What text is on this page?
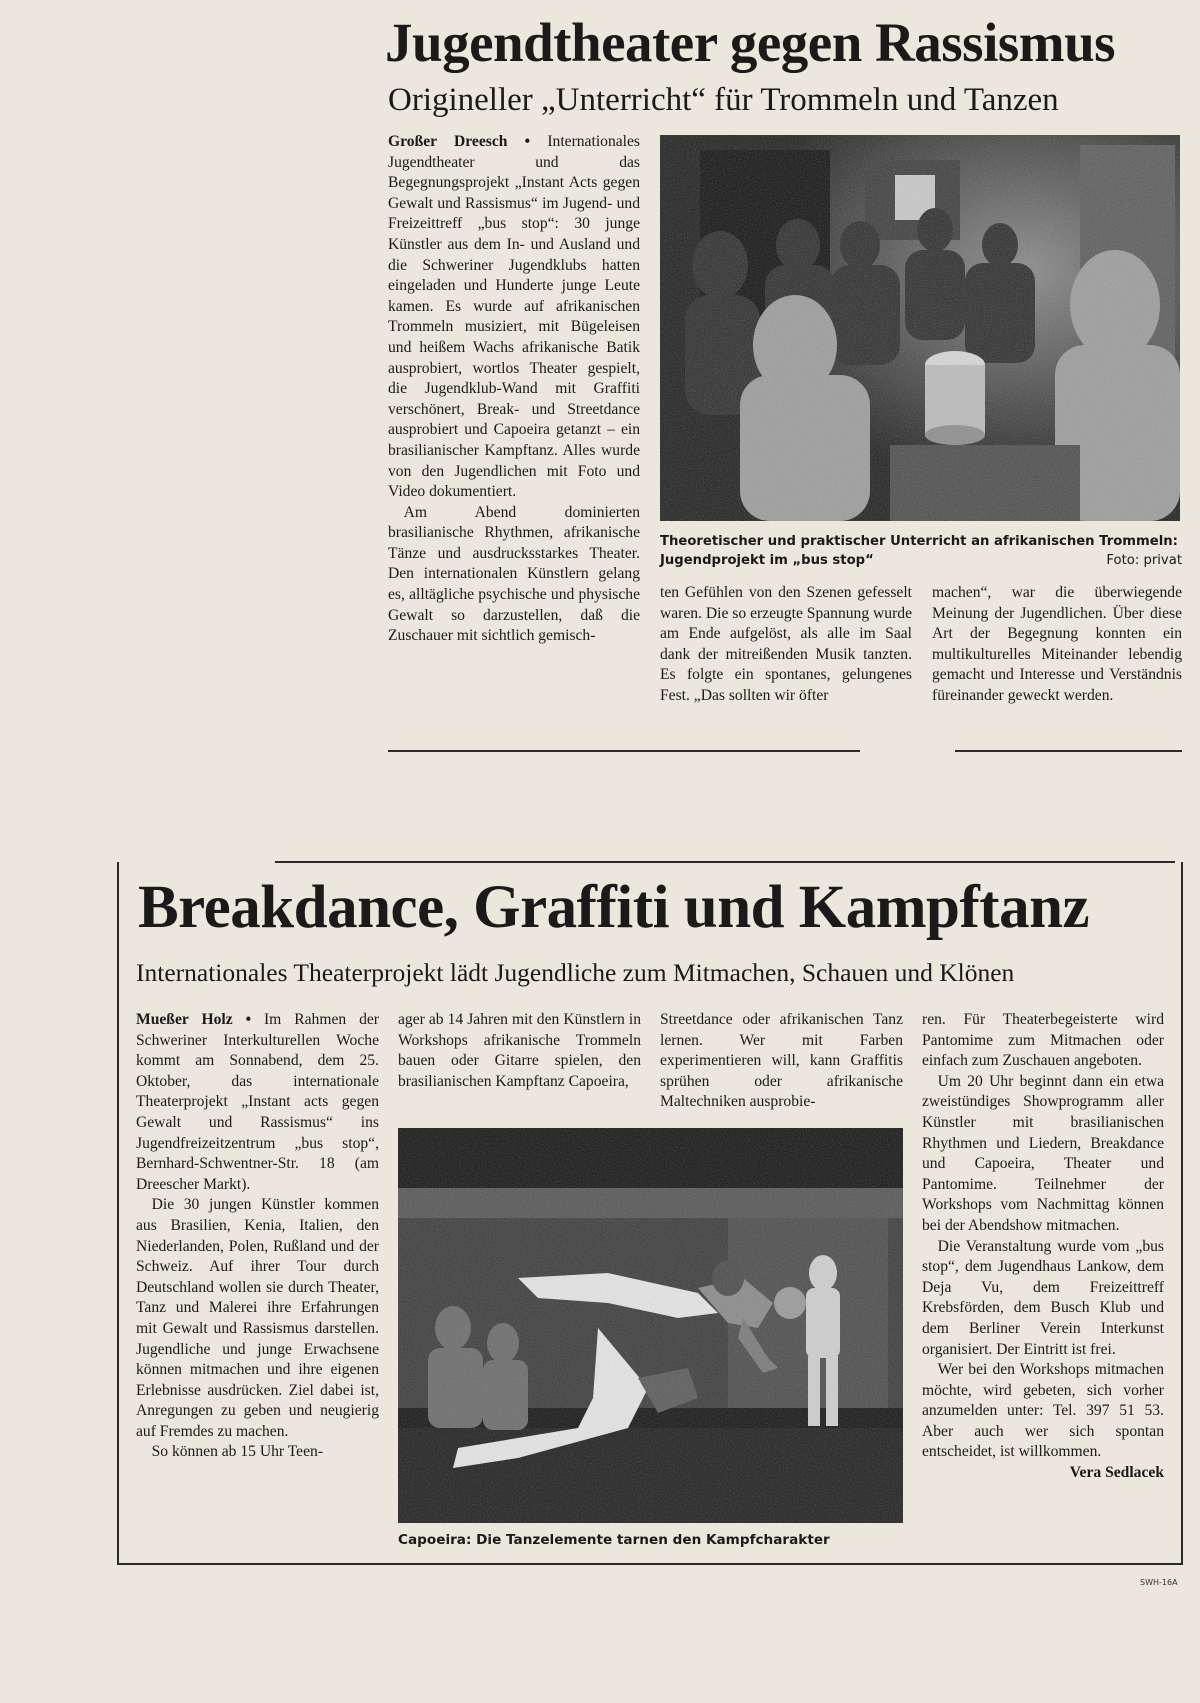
Jugendtheater gegen Rassismus
Origineller „Unterricht“ für Trommeln und Tanzen

Großer Dreesch • Internationales Jugendtheater und das Begegnungsprojekt „Instant Acts gegen Gewalt und Rassismus“ im Jugend- und Freizeittreff „bus stop“: 30 junge Künstler aus dem In- und Ausland und die Schweriner Jugendklubs hatten eingeladen und Hunderte junge Leute kamen. Es wurde auf afrikanischen Trommeln musiziert, mit Bügeleisen und heißem Wachs afrikanische Batik ausprobiert, wortlos Theater gespielt, die Jugendklub-Wand mit Graffiti verschönert, Break- und Streetdance ausprobiert und Capoeira getanzt – ein brasilianischer Kampftanz. Alles wurde von den Jugendlichen mit Foto und Video dokumentiert.

Am Abend dominierten brasilianische Rhythmen, afrikanische Tänze und ausdrucksstarkes Theater. Den internationalen Künstlern gelang es, alltägliche psychische und physische Gewalt so darzustellen, daß die Zuschauer mit sichtlich gemisch-

Theoretischer und praktischer Unterricht an afrikanischen Trommeln: Jugendprojekt im „bus stop“	Foto: privat

ten Gefühlen von den Szenen gefesselt waren. Die so erzeugte Spannung wurde am Ende aufgelöst, als alle im Saal dank der mitreißenden Musik tanzten. Es folgte ein spontanes, gelungenes Fest. „Das sollten wir öfter

machen“, war die überwiegende Meinung der Jugendlichen. Über diese Art der Begegnung konnten ein multikulturelles Miteinander lebendig gemacht und Interesse und Verständnis füreinander geweckt werden.

Breakdance, Graffiti und Kampftanz
Internationales Theaterprojekt lädt Jugendliche zum Mitmachen, Schauen und Klönen

Mueßer Holz • Im Rahmen der Schweriner Interkulturellen Woche kommt am Sonnabend, dem 25. Oktober, das internationale Theaterprojekt „Instant acts gegen Gewalt und Rassismus“ ins Jugendfreizeitzentrum „bus stop“, Bernhard-Schwentner-Str. 18 (am Dreescher Markt).

Die 30 jungen Künstler kommen aus Brasilien, Kenia, Italien, den Niederlanden, Polen, Rußland und der Schweiz. Auf ihrer Tour durch Deutschland wollen sie durch Theater, Tanz und Malerei ihre Erfahrungen mit Gewalt und Rassismus darstellen. Jugendliche und junge Erwachsene können mitmachen und ihre eigenen Erlebnisse ausdrücken. Ziel dabei ist, Anregungen zu geben und neugierig auf Fremdes zu machen.

So können ab 15 Uhr Teen-

ager ab 14 Jahren mit den Künstlern in Workshops afrikanische Trommeln bauen oder Gitarre spielen, den brasilianischen Kampftanz Capoeira,

Streetdance oder afrikanischen Tanz lernen. Wer mit Farben experimentieren will, kann Graffitis sprühen oder afrikanische Maltechniken ausprobie-

ren. Für Theaterbegeisterte wird Pantomime zum Mitmachen oder einfach zum Zuschauen angeboten.

Um 20 Uhr beginnt dann ein etwa zweistündiges Showprogramm aller Künstler mit brasilianischen Rhythmen und Liedern, Breakdance und Capoeira, Theater und Pantomime. Teilnehmer der Workshops vom Nachmittag können bei der Abendshow mitmachen.

Die Veranstaltung wurde vom „bus stop“, dem Jugendhaus Lankow, dem Deja Vu, dem Freizeittreff Krebsförden, dem Busch Klub und dem Berliner Verein Interkunst organisiert. Der Eintritt ist frei.

Wer bei den Workshops mitmachen möchte, wird gebeten, sich vorher anzumelden unter: Tel. 397 51 53. Aber auch wer sich spontan entscheidet, ist willkommen.
Vera Sedlacek

Capoeira: Die Tanzelemente tarnen den Kampfcharakter
SWH-16A
